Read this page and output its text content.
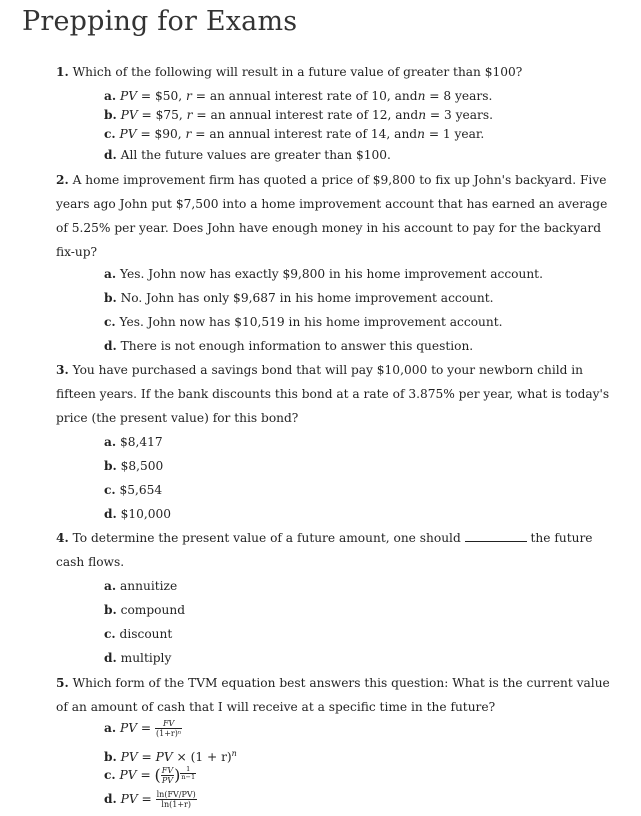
Prepping for Exams
1. Which of the following will result in a future value of greater than $100?
a. PV = $50, r = an annual interest rate of 10, andn = 8 years.
b. PV = $75, r = an annual interest rate of 12, andn = 3 years.
c. PV = $90, r = an annual interest rate of 14, andn = 1 year.
d. All the future values are greater than $100.
2. A home improvement firm has quoted a price of $9,800 to fix up John's backyard. Five years ago John put $7,500 into a home improvement account that has earned an average of 5.25% per year. Does John have enough money in his account to pay for the backyard fix-up?
a. Yes. John now has exactly $9,800 in his home improvement account.
b. No. John has only $9,687 in his home improvement account.
c. Yes. John now has $10,519 in his home improvement account.
d. There is not enough information to answer this question.
3. You have purchased a savings bond that will pay $10,000 to your newborn child in fifteen years. If the bank discounts this bond at a rate of 3.875% per year, what is today's price (the present value) for this bond?
a. $8,417
b. $8,500
c. $5,654
d. $10,000
4. To determine the present value of a future amount, one should	the future cash flows.
a. annuitize
b. compound
c. discount
d. multiply
5. Which form of the TVM equation best answers this question: What is the current value of an amount of cash that I will receive at a specific time in the future?
a. PV = $\frac{FV}{\text{(1+r)ⁿ}}$
b. PV = PV × $(1 + r)^n$
c. PV = ( $\frac{FV}{PV}$ ) $\frac{1}{n-1}$
d. PV = $\frac{\ln(FV/PV)}{\ln(1+r)}$
